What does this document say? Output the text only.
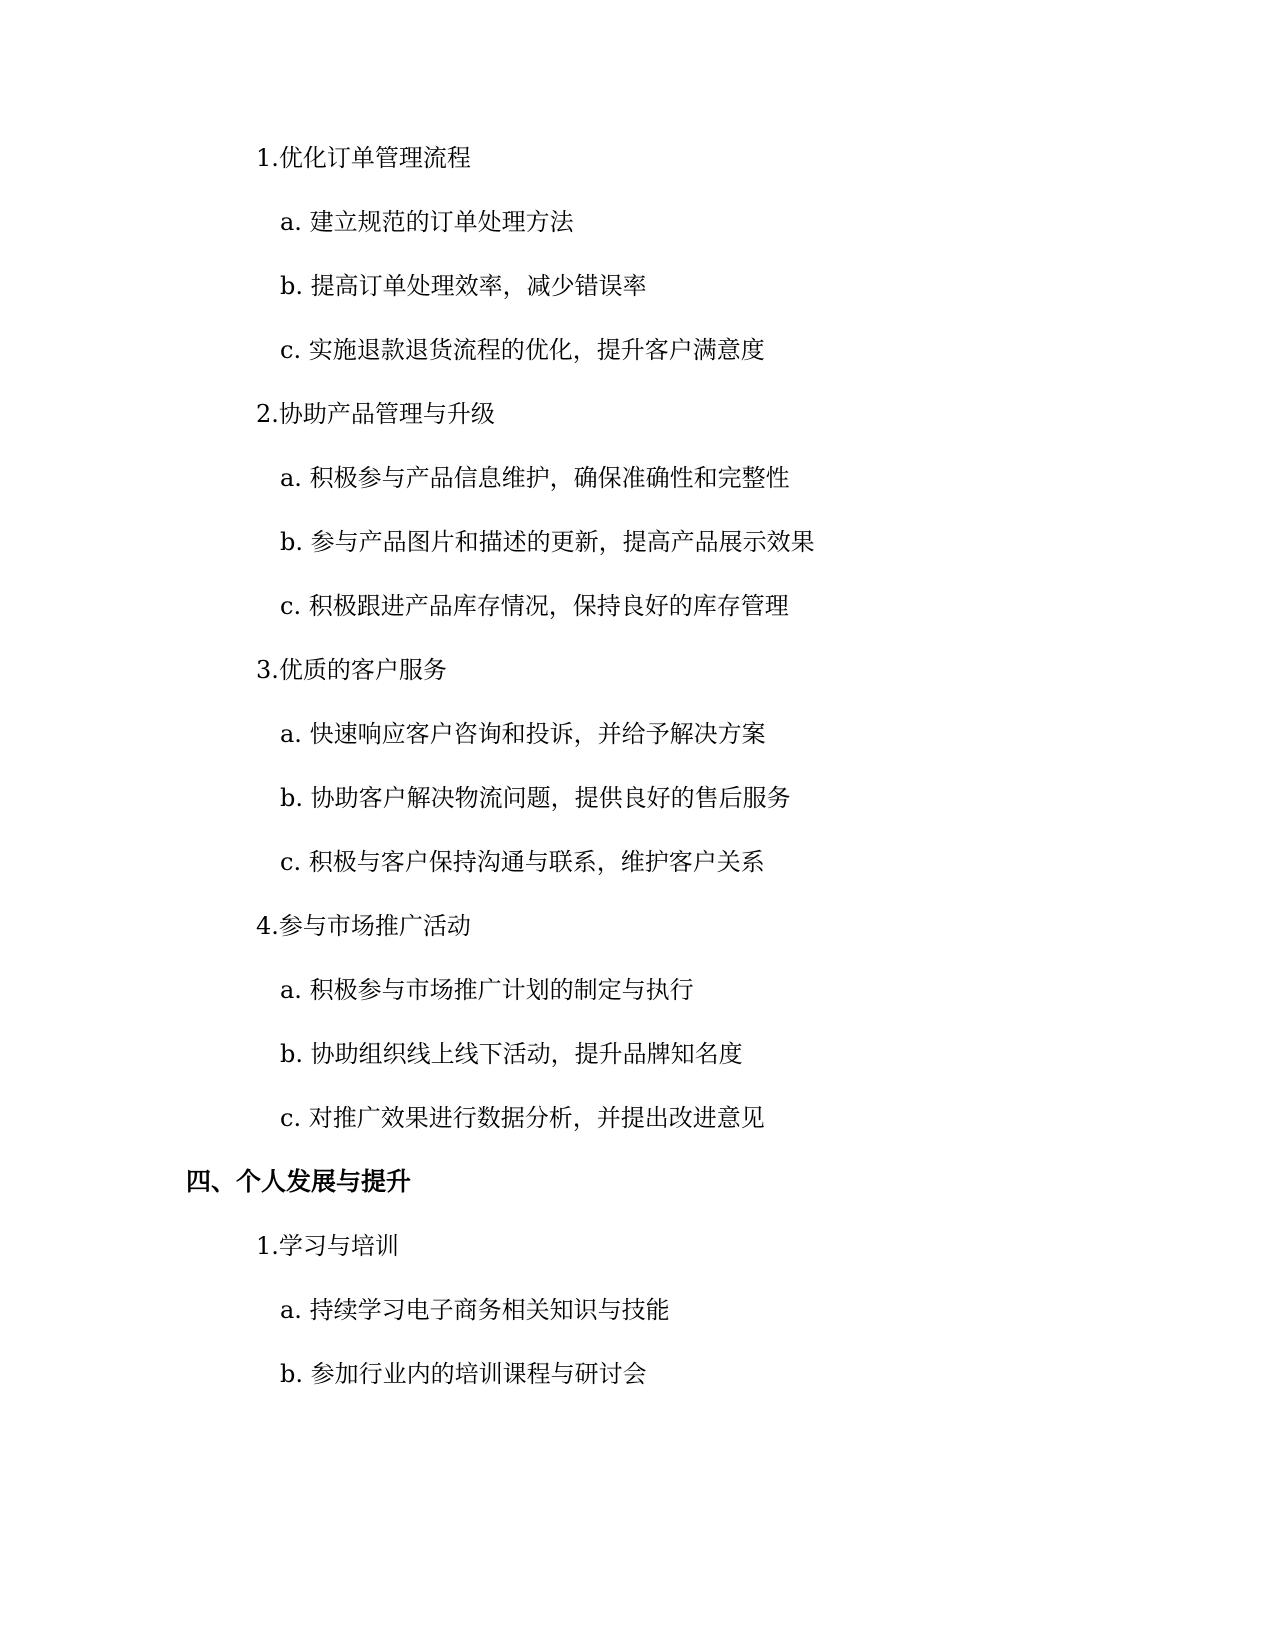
1.优化订单管理流程
a. 建立规范的订单处理方法
b. 提高订单处理效率，减少错误率
c. 实施退款退货流程的优化，提升客户满意度
2.协助产品管理与升级
a. 积极参与产品信息维护，确保准确性和完整性
b. 参与产品图片和描述的更新，提高产品展示效果
c. 积极跟进产品库存情况，保持良好的库存管理
3.优质的客户服务
a. 快速响应客户咨询和投诉，并给予解决方案
b. 协助客户解决物流问题，提供良好的售后服务
c. 积极与客户保持沟通与联系，维护客户关系
4.参与市场推广活动
a. 积极参与市场推广计划的制定与执行
b. 协助组织线上线下活动，提升品牌知名度
c. 对推广效果进行数据分析，并提出改进意见
四、个人发展与提升
1.学习与培训
a. 持续学习电子商务相关知识与技能
b. 参加行业内的培训课程与研讨会
